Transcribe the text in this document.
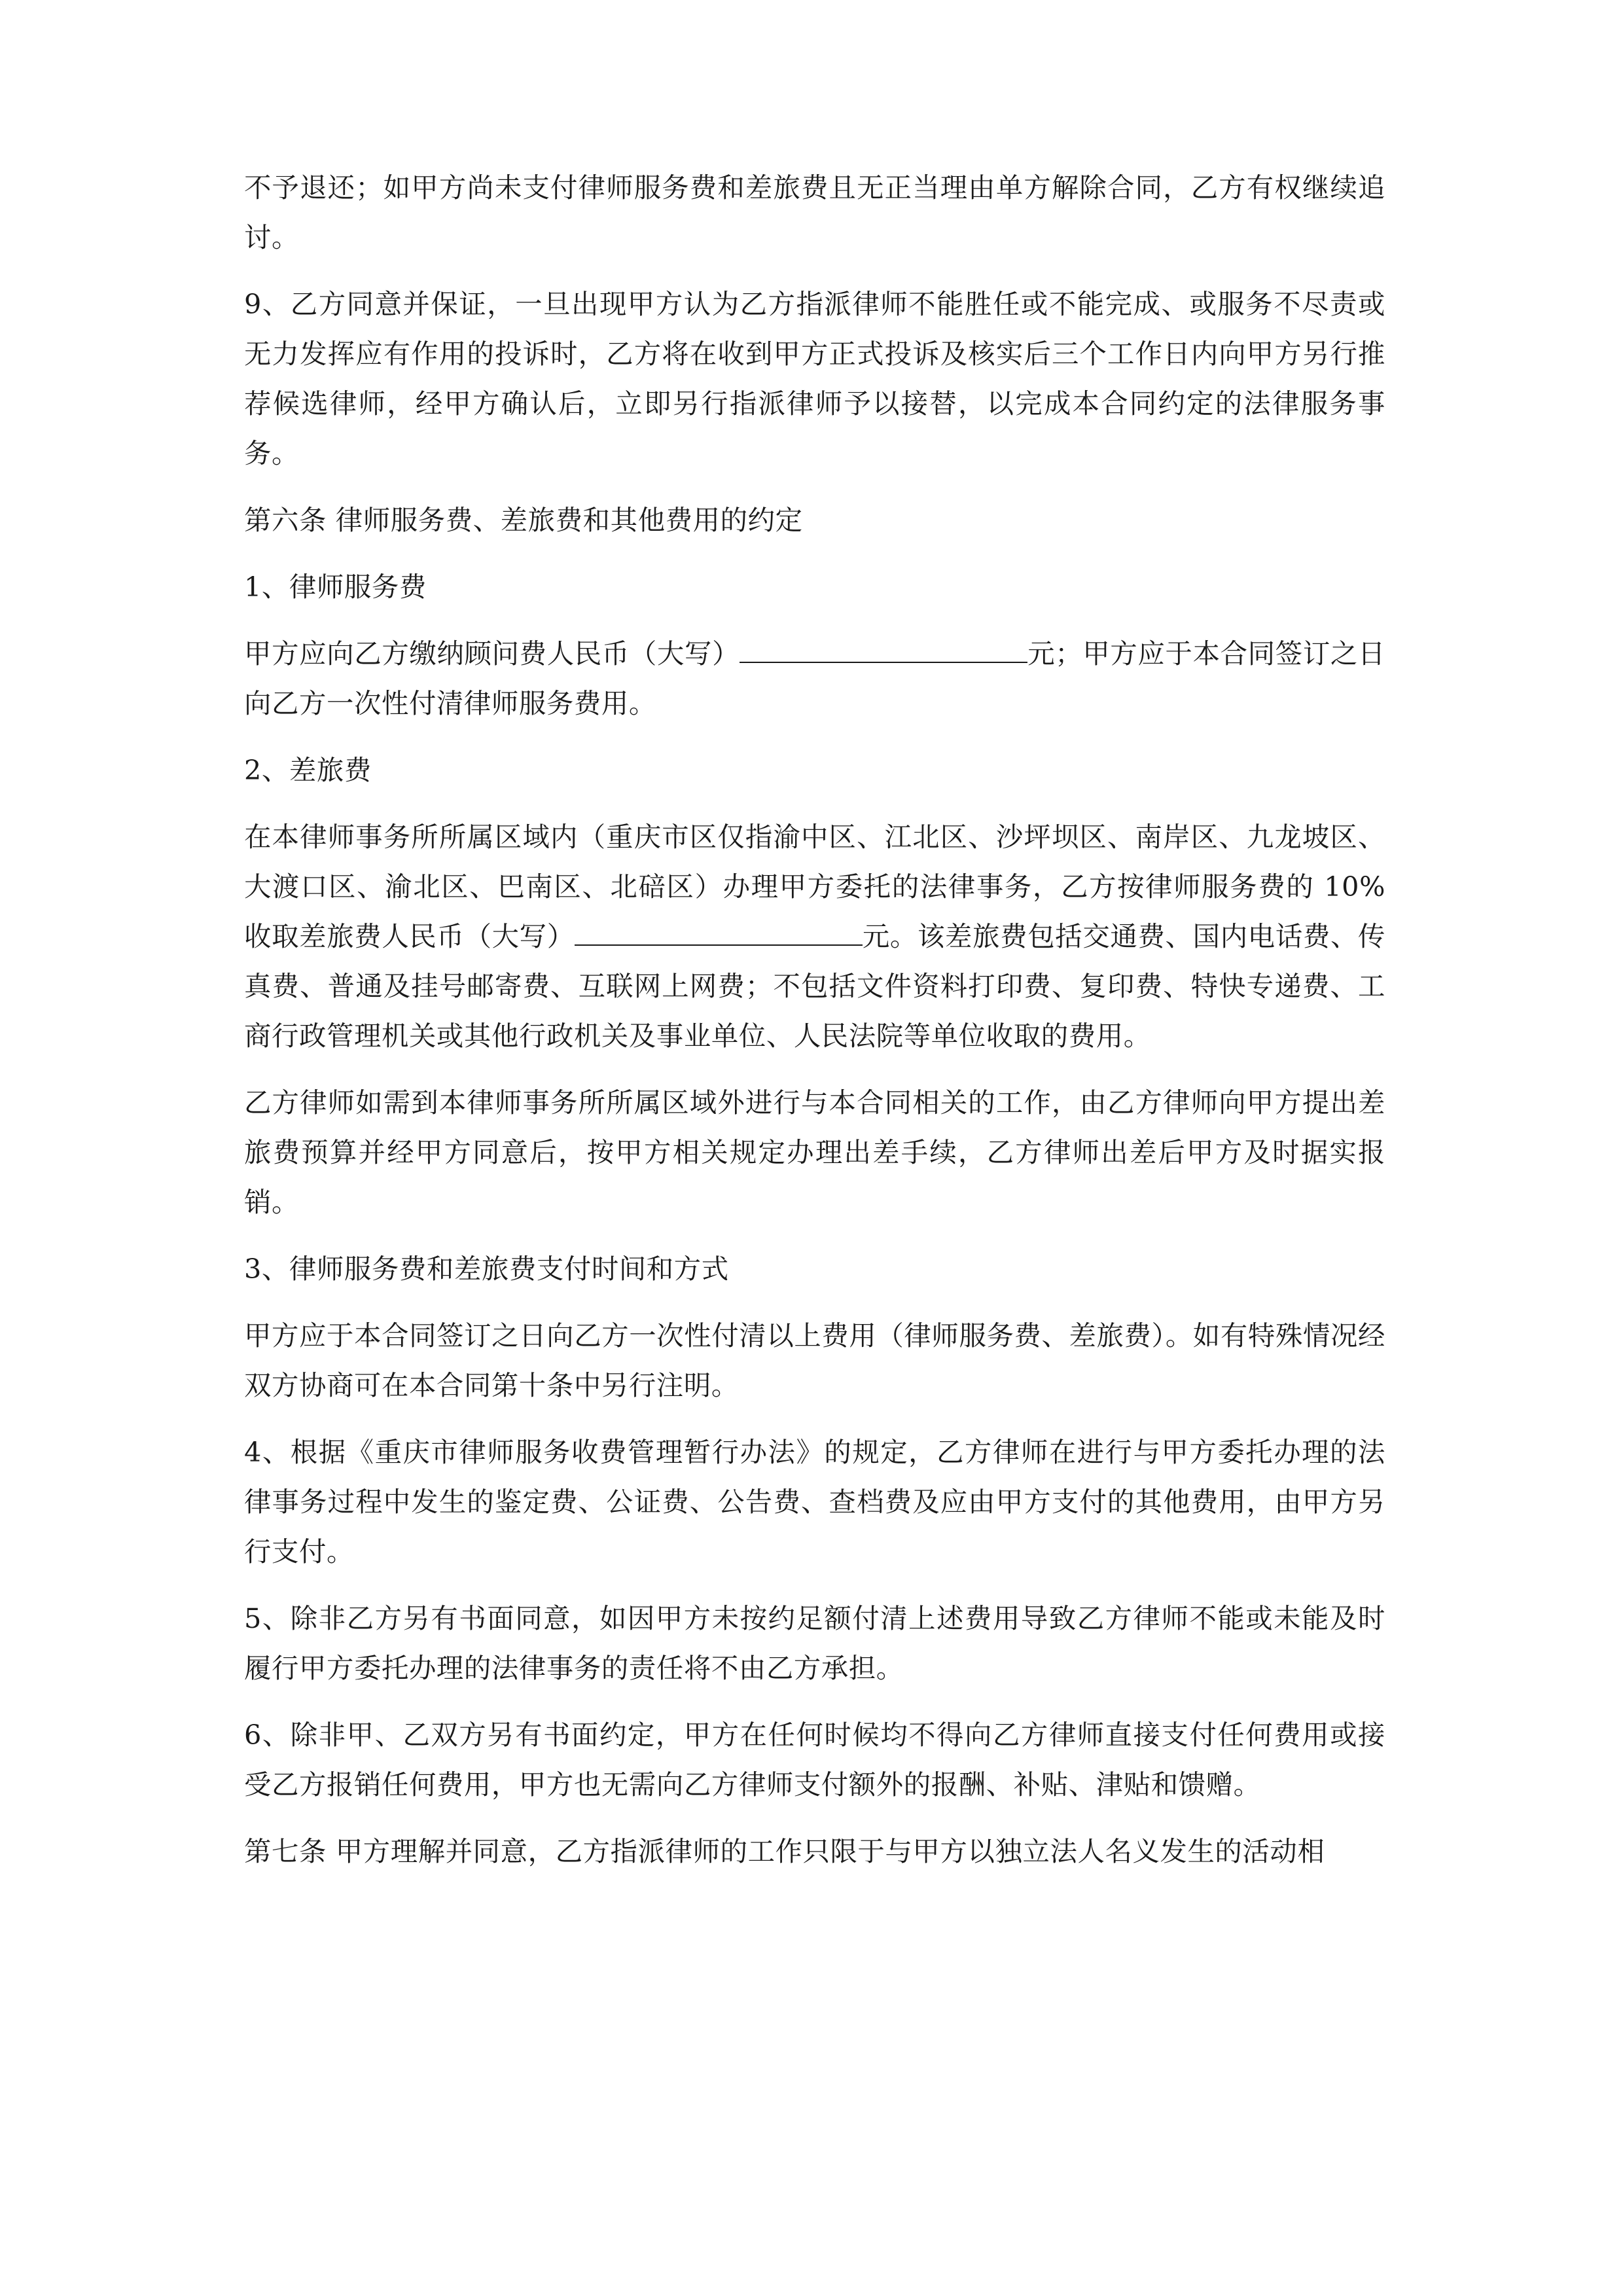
不予退还；如甲方尚未支付律师服务费和差旅费且无正当理由单方解除合同，乙方有权继续追讨。

9、乙方同意并保证，一旦出现甲方认为乙方指派律师不能胜任或不能完成、或服务不尽责或无力发挥应有作用的投诉时，乙方将在收到甲方正式投诉及核实后三个工作日内向甲方另行推荐候选律师，经甲方确认后，立即另行指派律师予以接替，以完成本合同约定的法律服务事务。

第六条 律师服务费、差旅费和其他费用的约定

1、律师服务费

甲方应向乙方缴纳顾问费人民币（大写）	元；甲方应于本合同签订之日向乙方一次性付清律师服务费用。

2、差旅费

在本律师事务所所属区域内（重庆市区仅指渝中区、江北区、沙坪坝区、南岸区、九龙坡区、大渡口区、渝北区、巴南区、北碚区）办理甲方委托的法律事务，乙方按律师服务费的 10%收取差旅费人民币（大写）	元。该差旅费包括交通费、国内电话费、传真费、普通及挂号邮寄费、互联网上网费；不包括文件资料打印费、复印费、特快专递费、工商行政管理机关或其他行政机关及事业单位、人民法院等单位收取的费用。

乙方律师如需到本律师事务所所属区域外进行与本合同相关的工作，由乙方律师向甲方提出差旅费预算并经甲方同意后，按甲方相关规定办理出差手续，乙方律师出差后甲方及时据实报销。

3、律师服务费和差旅费支付时间和方式

甲方应于本合同签订之日向乙方一次性付清以上费用（律师服务费、差旅费）。如有特殊情况经双方协商可在本合同第十条中另行注明。

4、根据《重庆市律师服务收费管理暂行办法》的规定，乙方律师在进行与甲方委托办理的法律事务过程中发生的鉴定费、公证费、公告费、查档费及应由甲方支付的其他费用，由甲方另行支付。

5、除非乙方另有书面同意，如因甲方未按约足额付清上述费用导致乙方律师不能或未能及时履行甲方委托办理的法律事务的责任将不由乙方承担。

6、除非甲、乙双方另有书面约定，甲方在任何时候均不得向乙方律师直接支付任何费用或接受乙方报销任何费用，甲方也无需向乙方律师支付额外的报酬、补贴、津贴和馈赠。

第七条 甲方理解并同意，乙方指派律师的工作只限于与甲方以独立法人名义发生的活动相
